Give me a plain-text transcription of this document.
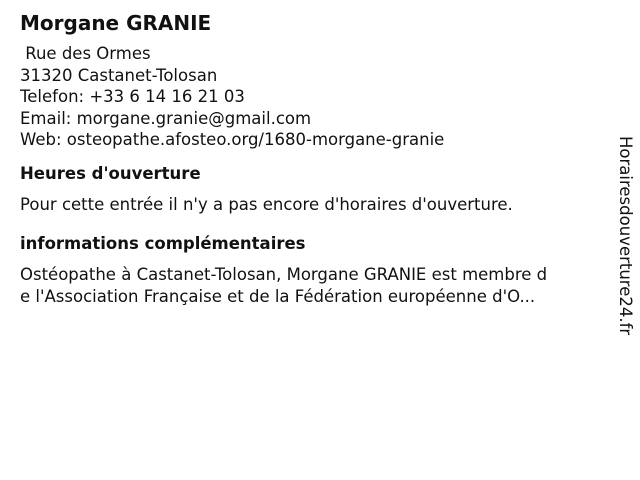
Morgane GRANIE
Rue des Ormes
31320 Castanet-Tolosan
Telefon: +33 6 14 16 21 03
Email: morgane.granie@gmail.com
Web: osteopathe.afosteo.org/1680-morgane-granie
Heures d'ouverture
Pour cette entrée il n'y a pas encore d'horaires d'ouverture.
informations complémentaires
Ostéopathe à Castanet-Tolosan, Morgane GRANIE est membre d
e l'Association Française et de la Fédération européenne d'O...	Horairesdouverture24.fr
